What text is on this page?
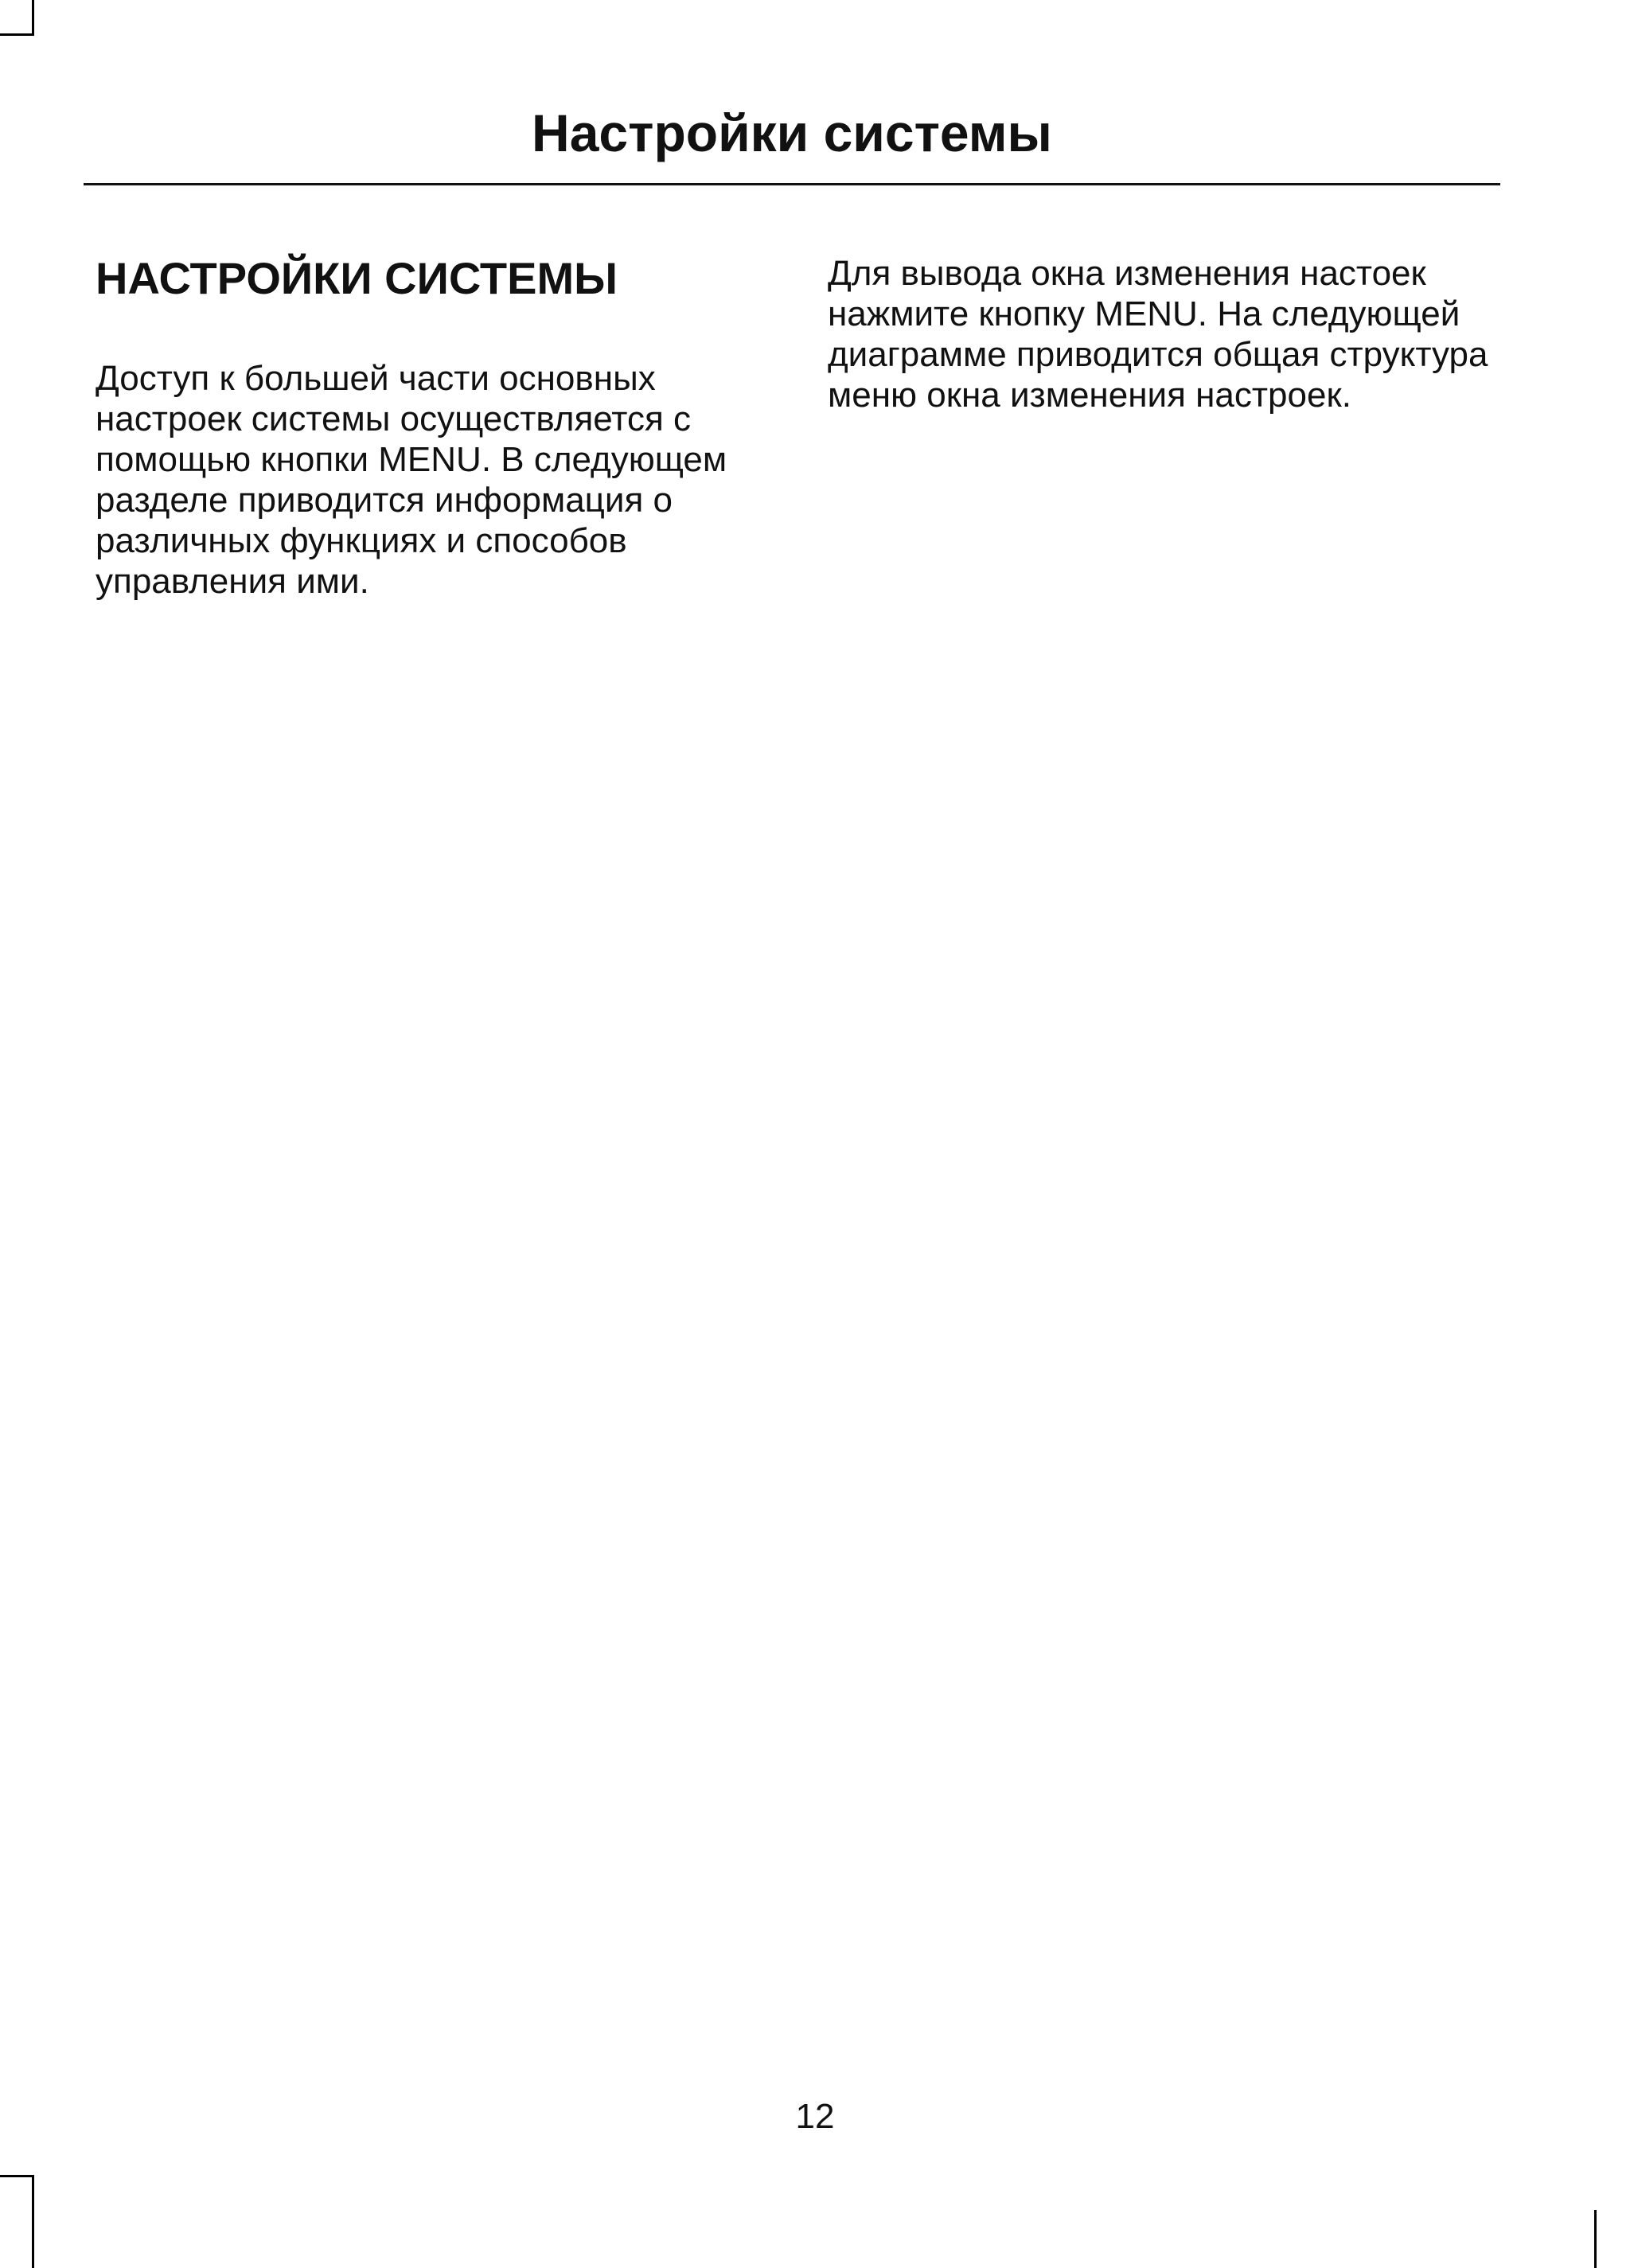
Настройки системы
НАСТРОЙКИ СИСТЕМЫ

Доступ к большей части основных настроек системы осуществляется с помощью кнопки MENU. В следующем разделе приводится информация о различных функциях и способов управления ими.

Для вывода окна изменения настоек нажмите кнопку MENU. На следующей диаграмме приводится общая структура меню окна изменения настроек.

12
